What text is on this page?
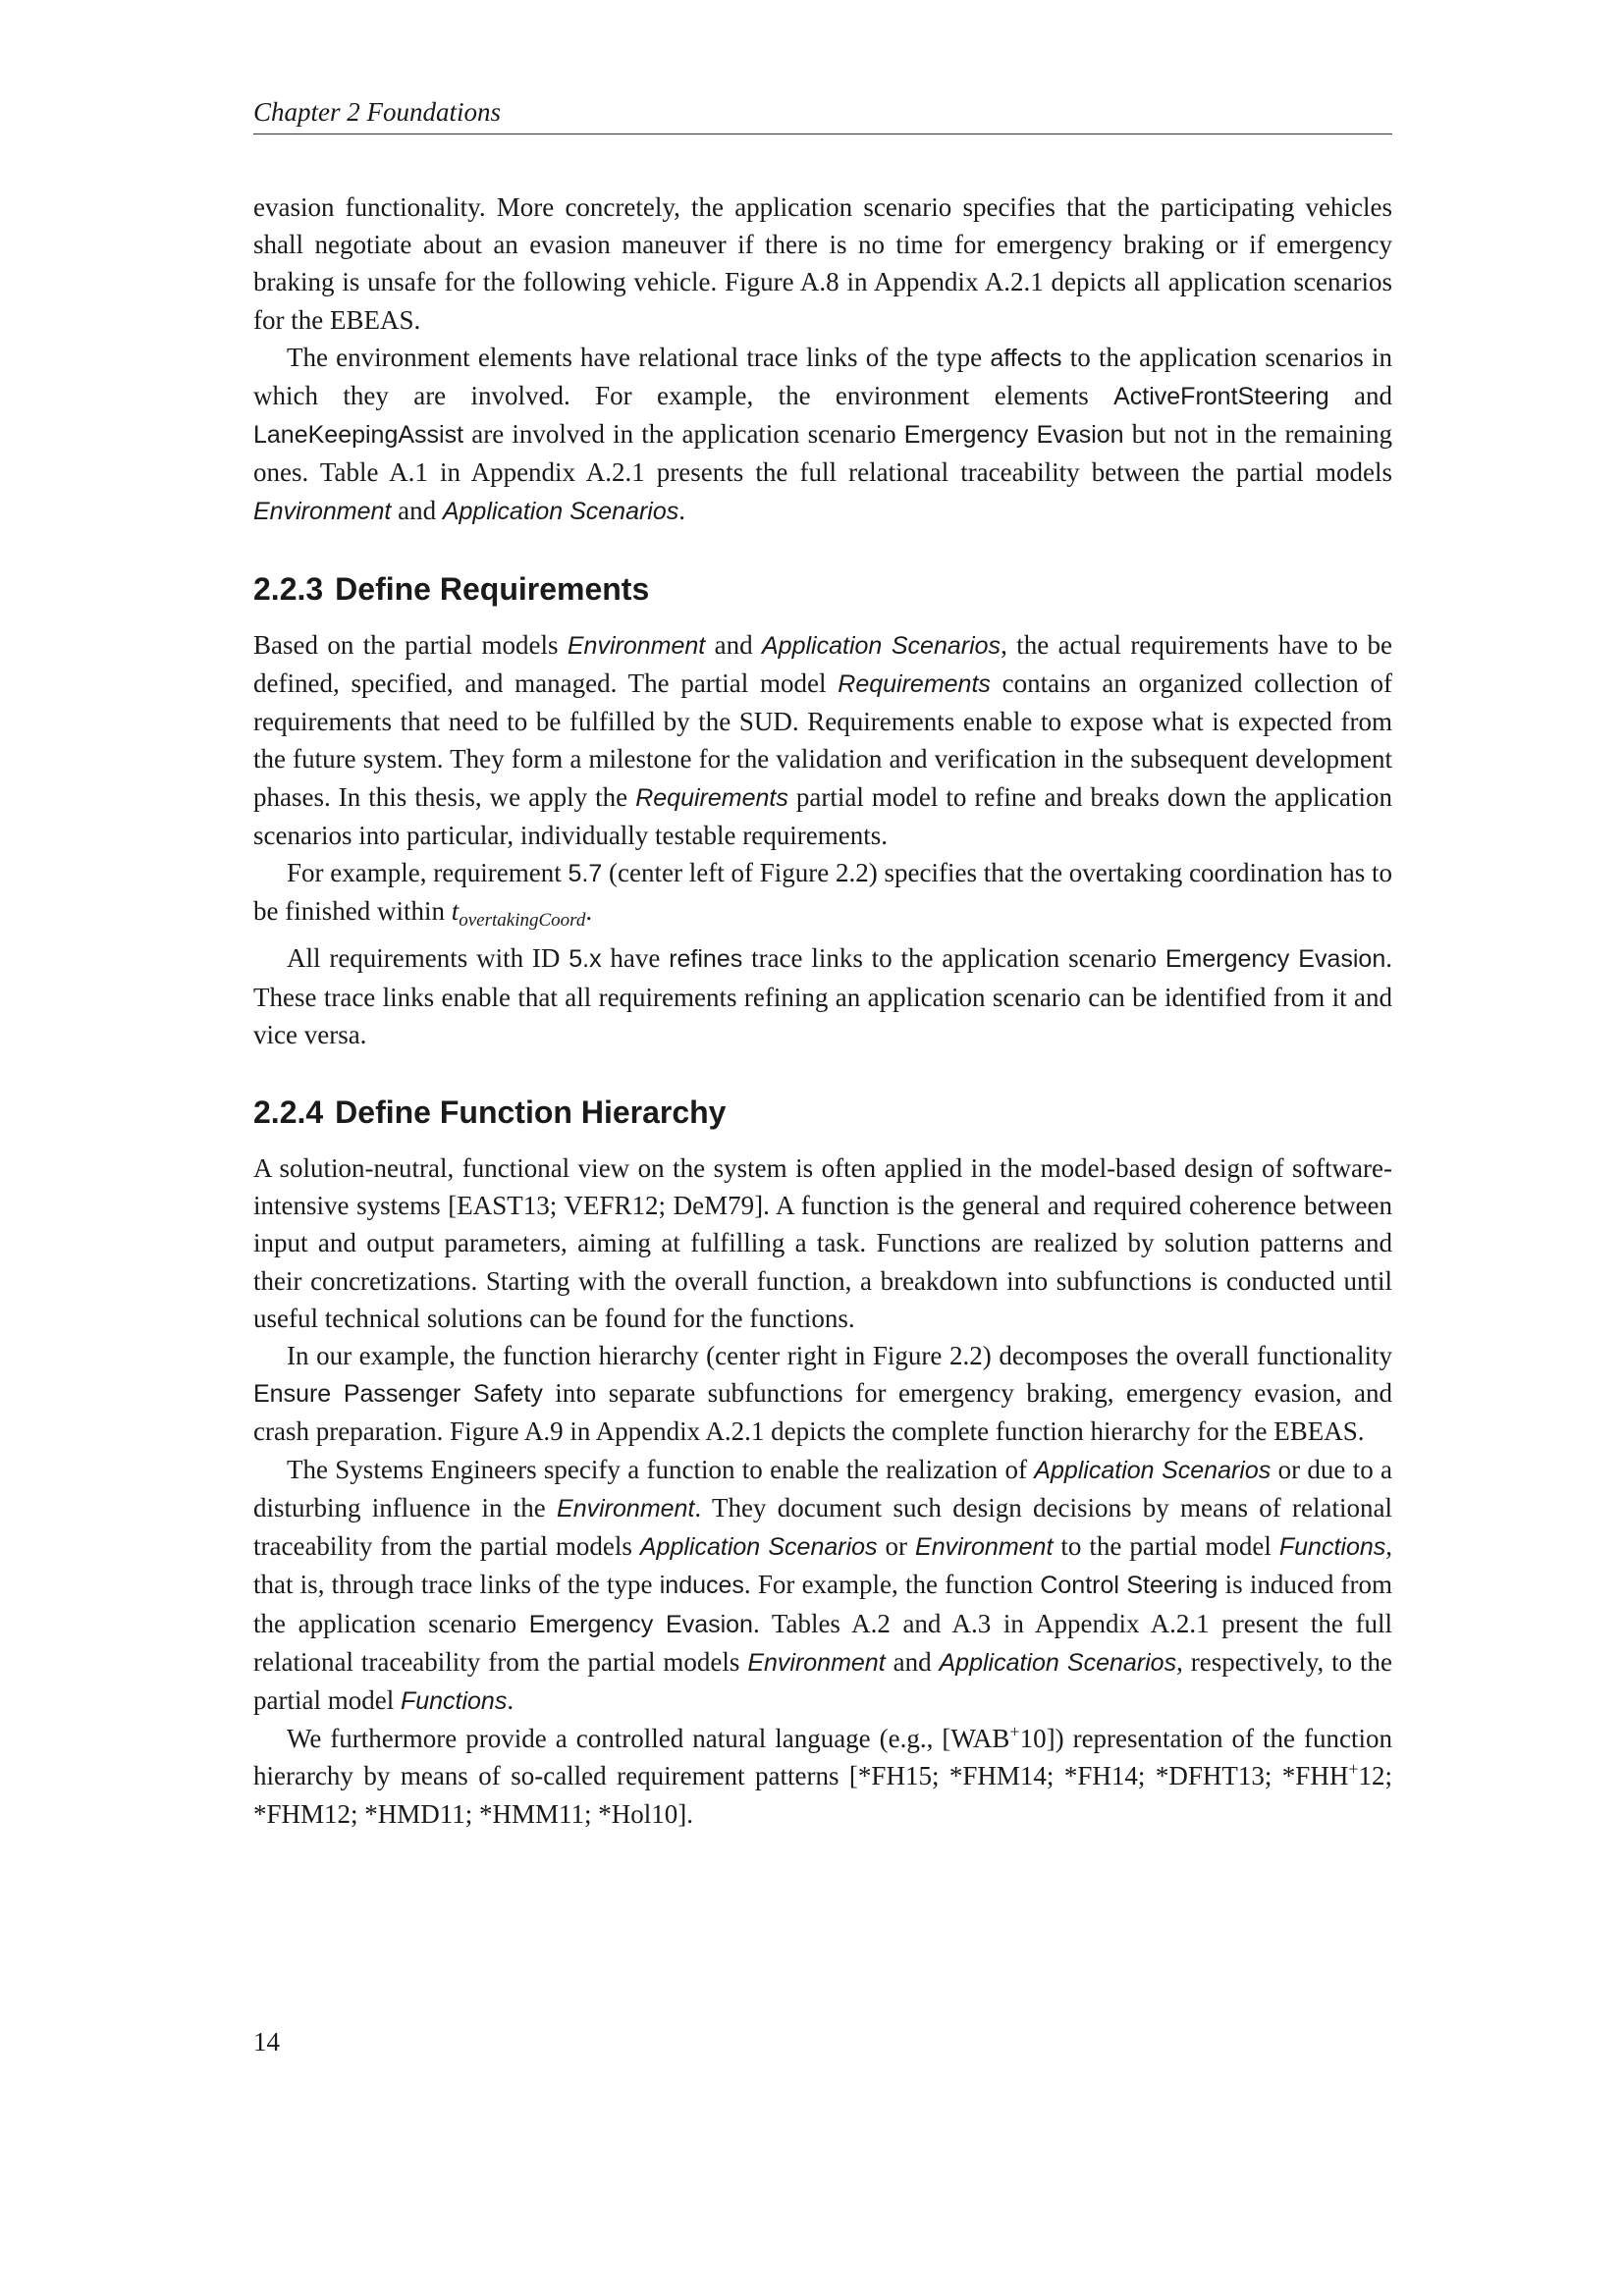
Chapter 2 Foundations

evasion functionality. More concretely, the application scenario specifies that the participating vehicles shall negotiate about an evasion maneuver if there is no time for emergency braking or if emergency braking is unsafe for the following vehicle. Figure A.8 in Appendix A.2.1 depicts all application scenarios for the EBEAS.

The environment elements have relational trace links of the type affects to the application scenarios in which they are involved. For example, the environment elements ActiveFrontSteering and LaneKeepingAssist are involved in the application scenario Emergency Evasion but not in the remaining ones. Table A.1 in Appendix A.2.1 presents the full relational traceability between the partial models Environment and Application Scenarios.

2.2.3 Define Requirements

Based on the partial models Environment and Application Scenarios, the actual requirements have to be defined, specified, and managed. The partial model Requirements contains an organized collection of requirements that need to be fulfilled by the SUD. Requirements enable to expose what is expected from the future system. They form a milestone for the validation and verification in the subsequent development phases. In this thesis, we apply the Requirements partial model to refine and breaks down the application scenarios into particular, individually testable requirements.

For example, requirement 5.7 (center left of Figure 2.2) specifies that the overtaking coordination has to be finished within $t_{overtakingCoord}$.

All requirements with ID 5.x have refines trace links to the application scenario Emergency Evasion. These trace links enable that all requirements refining an application scenario can be identified from it and vice versa.

2.2.4 Define Function Hierarchy

A solution-neutral, functional view on the system is often applied in the model-based design of software-intensive systems [EAST13; VEFR12; DeM79]. A function is the general and required coherence between input and output parameters, aiming at fulfilling a task. Functions are realized by solution patterns and their concretizations. Starting with the overall function, a breakdown into subfunctions is conducted until useful technical solutions can be found for the functions.

In our example, the function hierarchy (center right in Figure 2.2) decomposes the overall functionality Ensure Passenger Safety into separate subfunctions for emergency braking, emergency evasion, and crash preparation. Figure A.9 in Appendix A.2.1 depicts the complete function hierarchy for the EBEAS.

The Systems Engineers specify a function to enable the realization of Application Scenarios or due to a disturbing influence in the Environment. They document such design decisions by means of relational traceability from the partial models Application Scenarios or Environment to the partial model Functions, that is, through trace links of the type induces. For example, the function Control Steering is induced from the application scenario Emergency Evasion. Tables A.2 and A.3 in Appendix A.2.1 present the full relational traceability from the partial models Environment and Application Scenarios, respectively, to the partial model Functions.

We furthermore provide a controlled natural language (e.g., [WAB+10]) representation of the function hierarchy by means of so-called requirement patterns [*FH15; *FHM14; *FH14; *DFHT13; *FHH+12; *FHM12; *HMD11; *HMM11; *Hol10].

14
